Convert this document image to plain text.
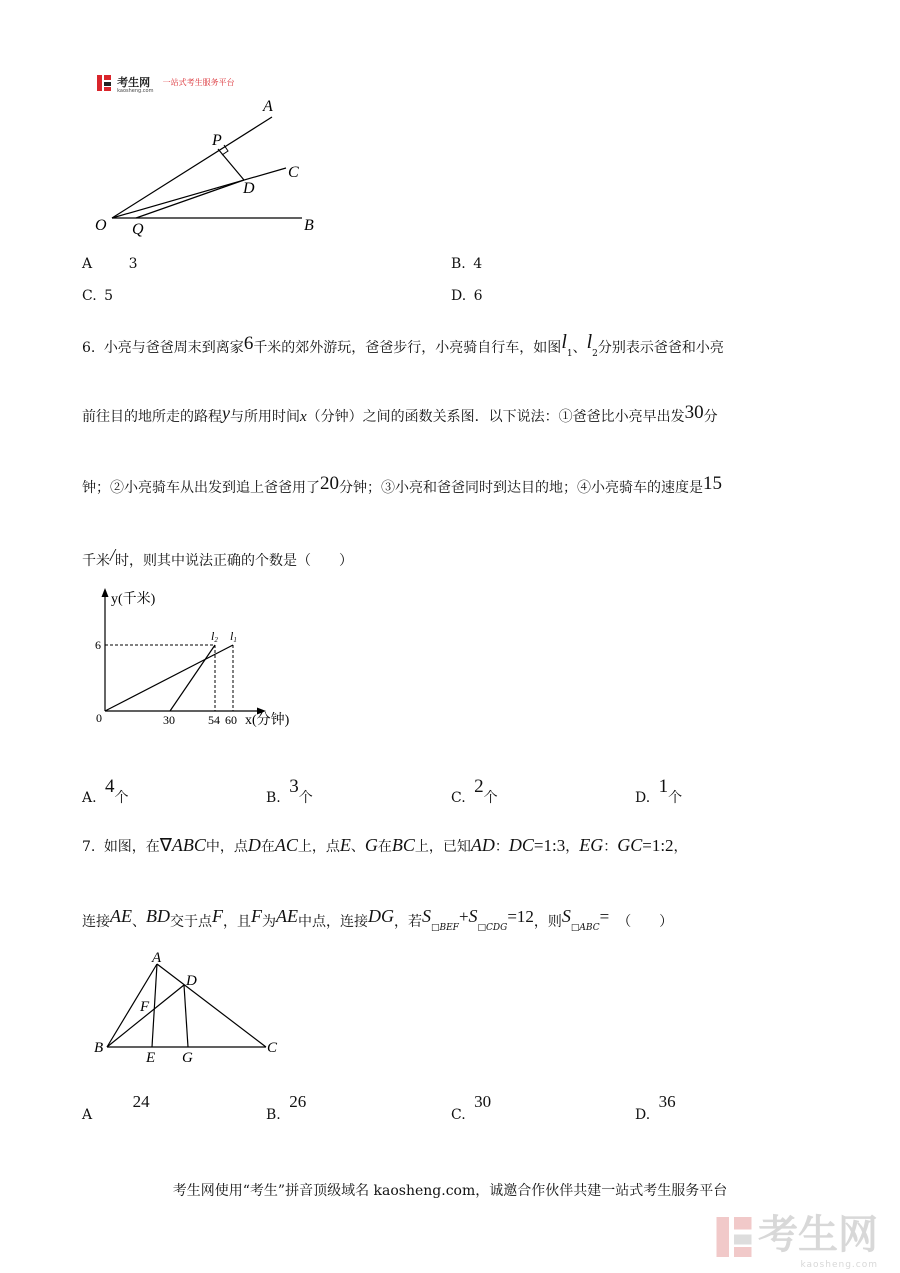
考生网
kaosheng.com
一站式考生服务平台
A
P
C
D
O Q	B
A	3	B. 4
C. 5	D. 6
6. 小亮与爸爸周末到离家6千米的郊外游玩，爸爸步行，小亮骑自行车，如图$l_1$、$l_2$分别表示爸爸和小亮
前往目的地所走的路程y与所用时间x（分钟）之间的函数关系图．以下说法：①爸爸比小亮早出发30分
钟；②小亮骑车从出发到追上爸爸用了20分钟；③小亮和爸爸同时到达目的地；④小亮骑车的速度是15
千米/时，则其中说法正确的个数是（　　）
y(千米)
6
0	30	54 60 x(分钟)
l2 l1
A. 4个	B. 3个	C. 2个	D. 1个
7. 如图，在∇ABC中，点D在AC上，点E、G在BC上，已知AD：DC=1:3，EG：GC=1:2，
连接AE、BD交于点F，且F为AE中点，连接DG，若$S_{□BEF}+S_{□CDG}=12$，则$S_{□ABC}=$ （　　）
A
D
F
B
E G
C
A 24
B. 26
C. 30
D. 36
考生网使用“考生”拼音顶级域名 kaosheng.com，诚邀合作伙伴共建一站式考生服务平台
考生网
kaosheng.com
